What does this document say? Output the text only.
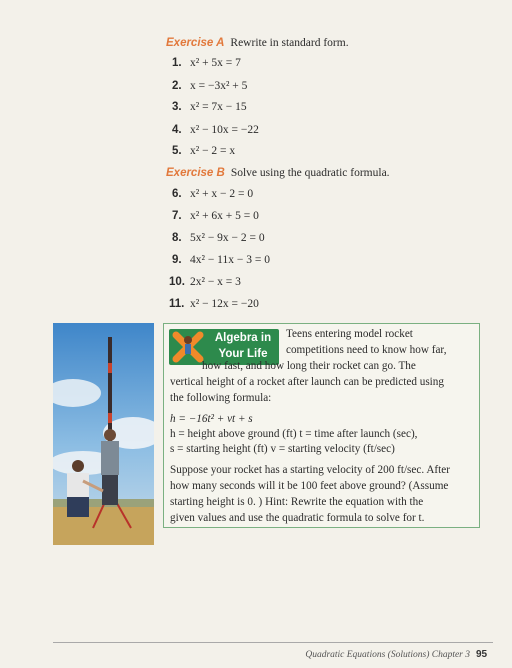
Exercise A Rewrite in standard form.
1. x² + 5x = 7
2. x = −3x² + 5
3. x² = 7x − 15
4. x² − 10x = −22
5. x² − 2 = x
Exercise B Solve using the quadratic formula.
6. x² + x − 2 = 0
7. x² + 6x + 5 = 0
8. 5x² − 9x − 2 = 0
9. 4x² − 11x − 3 = 0
10. 2x² − x = 3
11. x² − 12x = −20
Algebra in
Your Life
Teens entering model rocket
competitions need to know how far,
how fast, and how long their rocket can go. The
vertical height of a rocket after launch can be predicted using
the following formula:
h = −16t² + vt + s
h = height above ground (ft) t = time after launch (sec),
s = starting height (ft) v = starting velocity (ft/sec)
Suppose your rocket has a starting velocity of 200 ft/sec. After
how many seconds will it be 100 feet above ground? (Assume
starting height is 0. ) Hint: Rewrite the equation with the
given values and use the quadratic formula to solve for t.
Quadratic Equations (Solutions) Chapter 3 95
